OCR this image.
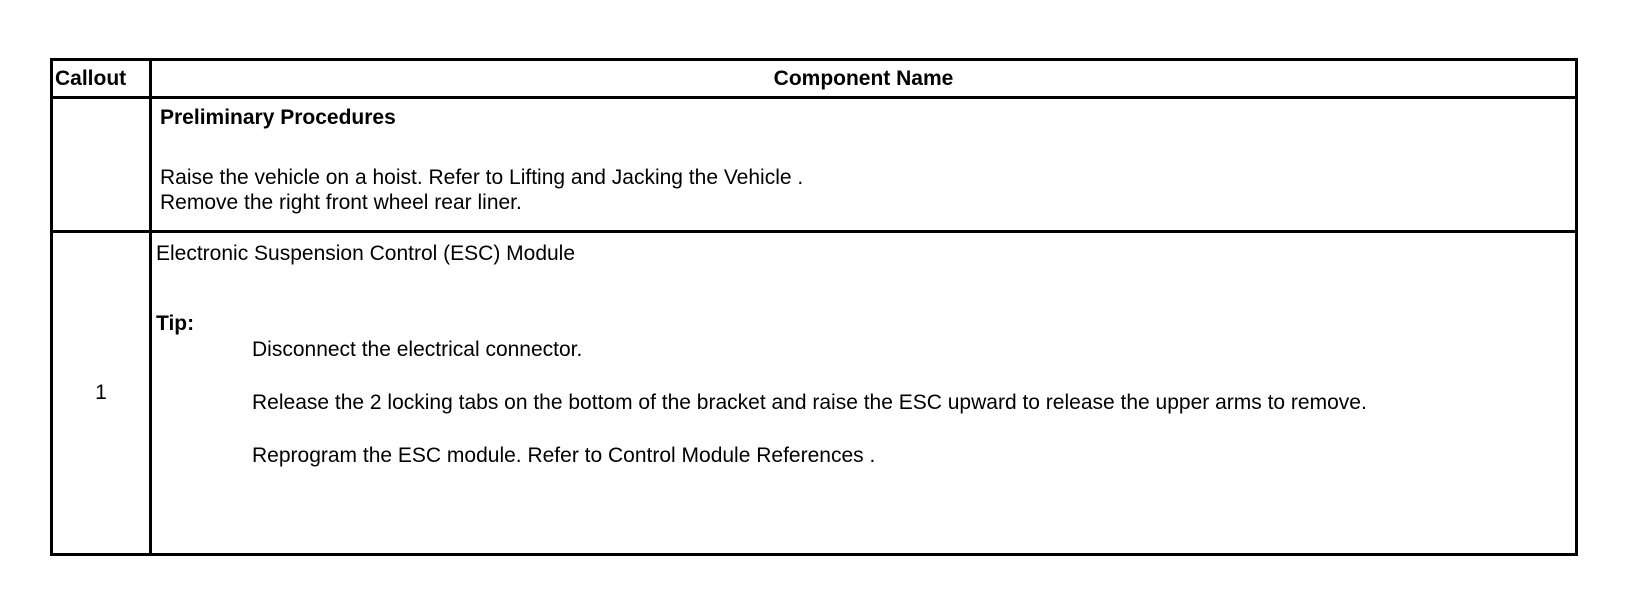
Callout	Component Name

	Preliminary Procedures

Raise the vehicle on a hoist. Refer to Lifting and Jacking the Vehicle .

Remove the right front wheel rear liner.

1	Electronic Suspension Control (ESC) Module

Tip:

Disconnect the electrical connector.

Release the 2 locking tabs on the bottom of the bracket and raise the ESC upward to release the upper arms to remove.

Reprogram the ESC module. Refer to Control Module References .
